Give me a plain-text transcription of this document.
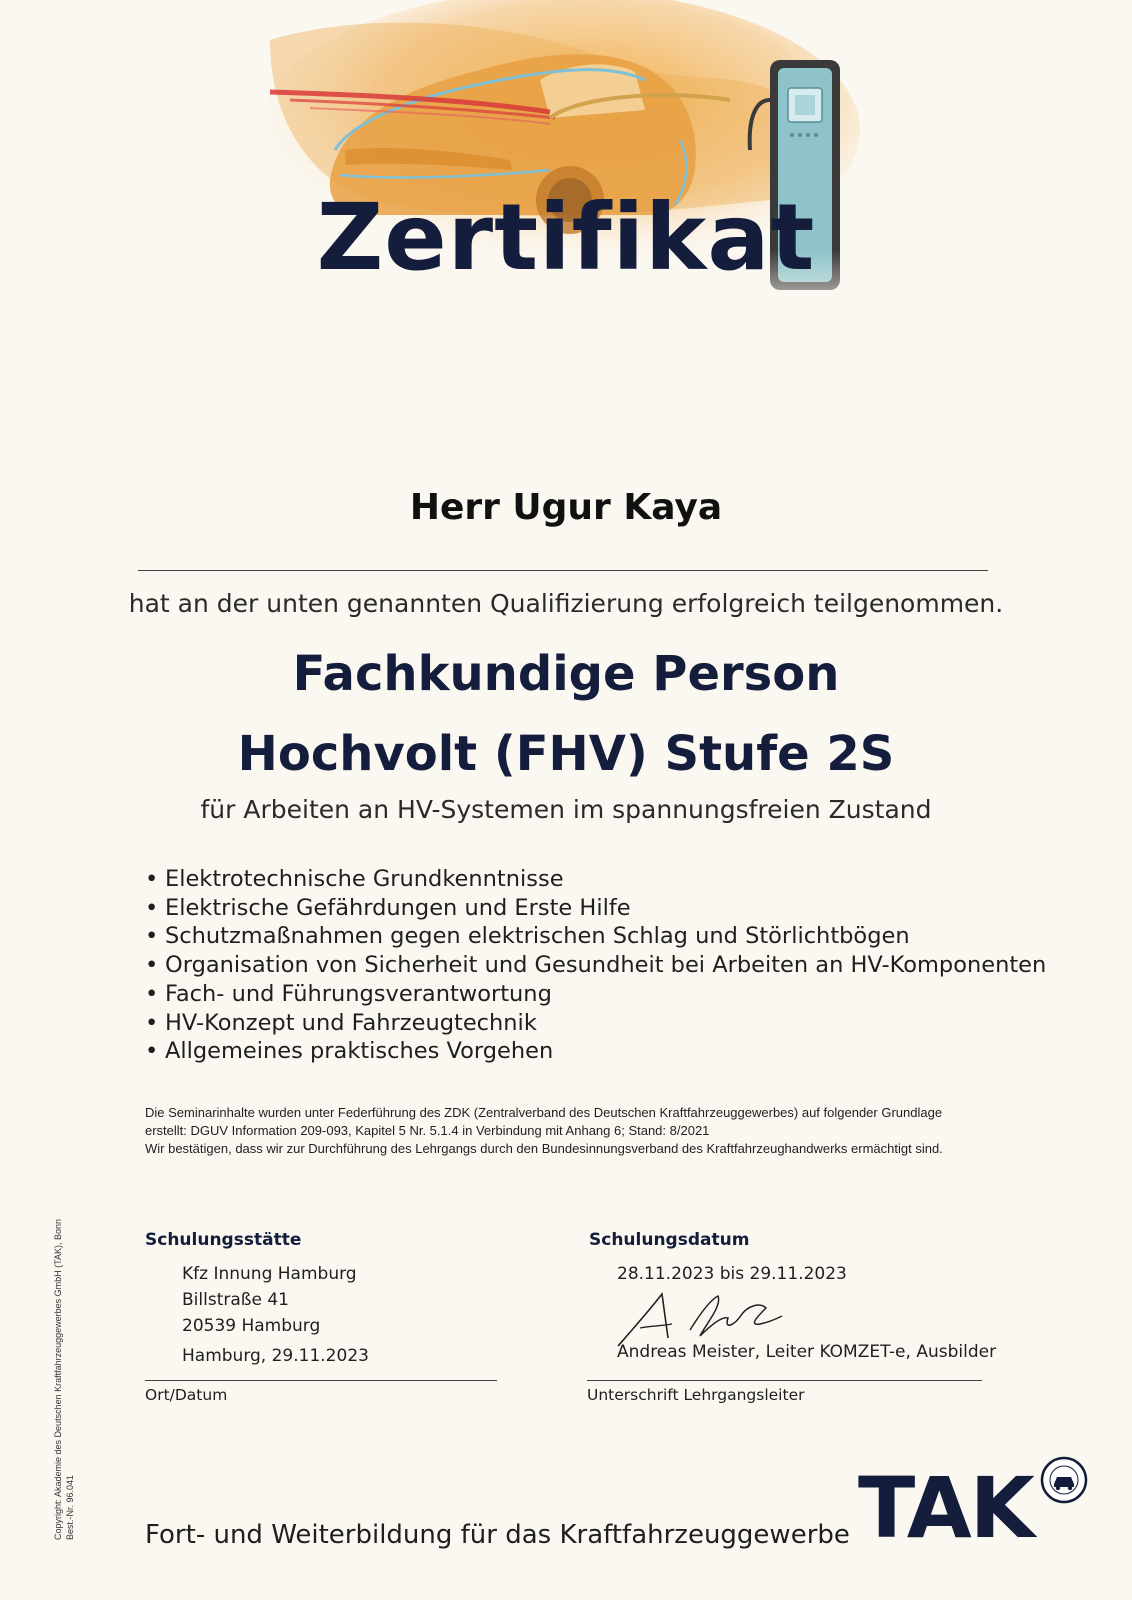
Zertifikat
Herr Ugur Kaya
hat an der unten genannten Qualifizierung erfolgreich teilgenommen.
Fachkundige Person
Hochvolt (FHV) Stufe 2S
für Arbeiten an HV-Systemen im spannungsfreien Zustand
• Elektrotechnische Grundkenntnisse
• Elektrische Gefährdungen und Erste Hilfe
• Schutzmaßnahmen gegen elektrischen Schlag und Störlichtbögen
• Organisation von Sicherheit und Gesundheit bei Arbeiten an HV-Komponenten
• Fach- und Führungsverantwortung
• HV-Konzept und Fahrzeugtechnik
• Allgemeines praktisches Vorgehen
Die Seminarinhalte wurden unter Federführung des ZDK (Zentralverband des Deutschen Kraftfahrzeuggewerbes) auf folgender Grundlage
erstellt: DGUV Information 209-093, Kapitel 5 Nr. 5.1.4 in Verbindung mit Anhang 6; Stand: 8/2021
Wir bestätigen, dass wir zur Durchführung des Lehrgangs durch den Bundesinnungsverband des Kraftfahrzeughandwerks ermächtigt sind.
Schulungsstätte	Schulungsdatum
Kfz Innung Hamburg
Billstraße 41
20539 Hamburg
Hamburg, 29.11.2023
28.11.2023 bis 29.11.2023
Andreas Meister, Leiter KOMZET-e, Ausbilder
Ort/Datum	Unterschrift Lehrgangsleiter
Copyright: Akademie des Deutschen Kraftfahrzeuggewerbes GmbH (TAK), Bonn Best.-Nr. 96.041	Fort- und Weiterbildung für das Kraftfahrzeuggewerbe TAK
